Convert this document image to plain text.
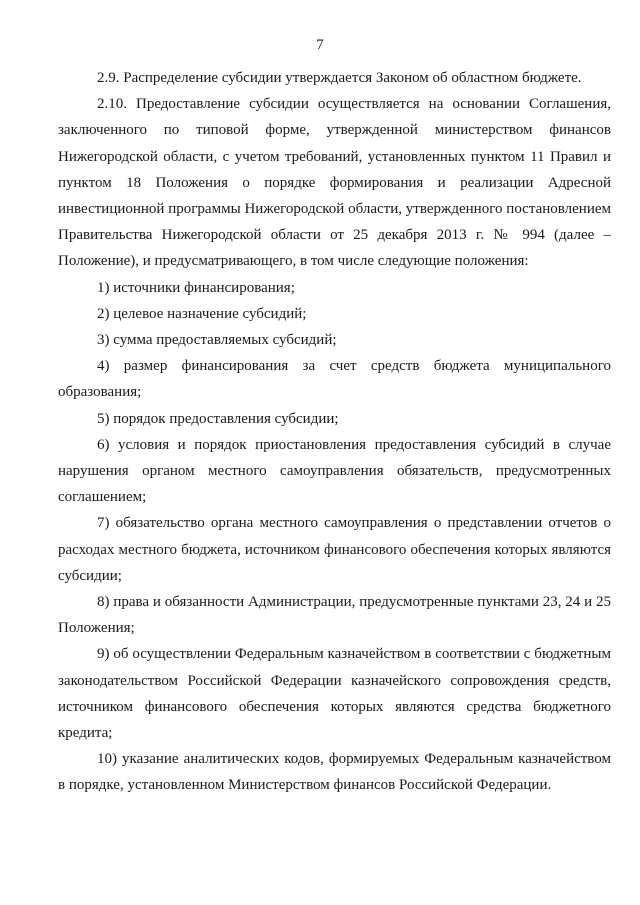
7

2.9. Распределение субсидии утверждается Законом об областном бюджете.

2.10. Предоставление субсидии осуществляется на основании Соглашения, заключенного по типовой форме, утвержденной министерством финансов Нижегородской области, с учетом требований, установленных пунктом 11 Правил и пунктом 18 Положения о порядке формирования и реализации Адресной инвестиционной программы Нижегородской области, утвержденного постановлением Правительства Нижегородской области от 25 декабря 2013 г. № 994 (далее – Положение), и предусматривающего, в том числе следующие положения:

1) источники финансирования;

2) целевое назначение субсидий;

3) сумма предоставляемых субсидий;

4) размер финансирования за счет средств бюджета муниципального образования;

5) порядок предоставления субсидии;

6) условия и порядок приостановления предоставления субсидий в случае нарушения органом местного самоуправления обязательств, предусмотренных соглашением;

7) обязательство органа местного самоуправления о представлении отчетов о расходах местного бюджета, источником финансового обеспечения которых являются субсидии;

8) права и обязанности Администрации, предусмотренные пунктами 23, 24 и 25 Положения;

9) об осуществлении Федеральным казначейством в соответствии с бюджетным законодательством Российской Федерации казначейского сопровождения средств, источником финансового обеспечения которых являются средства бюджетного кредита;

10) указание аналитических кодов, формируемых Федеральным казначейством в порядке, установленном Министерством финансов Российской Федерации.
